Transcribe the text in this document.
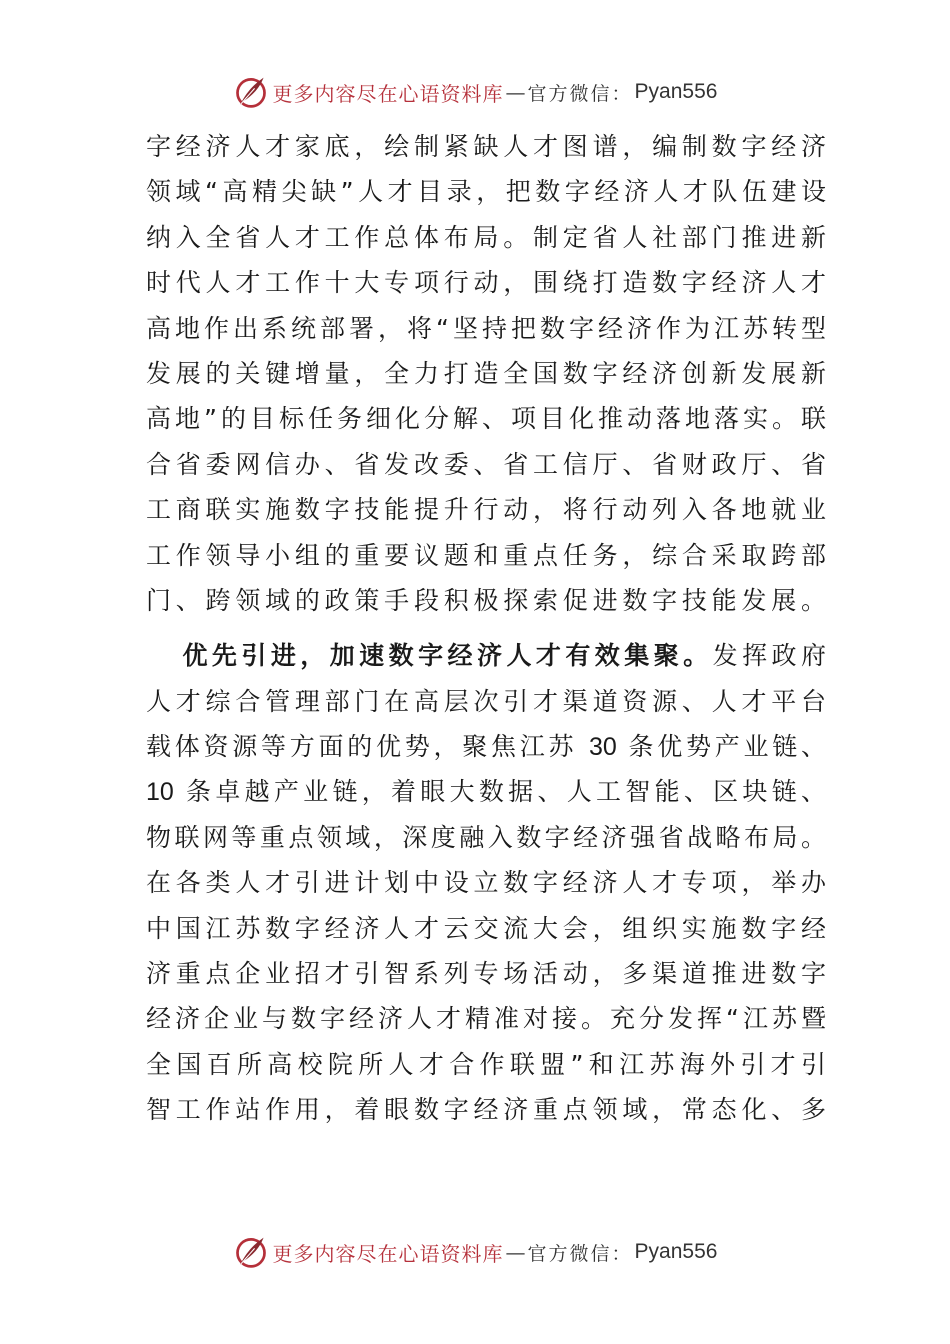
更多内容尽在心语资料库 — 官方微信： Pyan556
字经济人才家底，绘制紧缺人才图谱，编制数字经济
领域“高精尖缺”人才目录，把数字经济人才队伍建设
纳入全省人才工作总体布局。制定省人社部门推进新
时代人才工作十大专项行动，围绕打造数字经济人才
高地作出系统部署，将“坚持把数字经济作为江苏转型
发展的关键增量，全力打造全国数字经济创新发展新
高地”的目标任务细化分解、项目化推动落地落实。联
合省委网信办、省发改委、省工信厅、省财政厅、省
工商联实施数字技能提升行动，将行动列入各地就业
工作领导小组的重要议题和重点任务，综合采取跨部
门、跨领域的政策手段积极探索促进数字技能发展。
优先引进，加速数字经济人才有效集聚。发挥政府
人才综合管理部门在高层次引才渠道资源、人才平台
载体资源等方面的优势，聚焦江苏 30 条优势产业链、
10 条卓越产业链，着眼大数据、人工智能、区块链、
物联网等重点领域，深度融入数字经济强省战略布局。
在各类人才引进计划中设立数字经济人才专项，举办
中国江苏数字经济人才云交流大会，组织实施数字经
济重点企业招才引智系列专场活动，多渠道推进数字
经济企业与数字经济人才精准对接。充分发挥“江苏暨
全国百所高校院所人才合作联盟”和江苏海外引才引
智工作站作用，着眼数字经济重点领域，常态化、多
更多内容尽在心语资料库 — 官方微信： Pyan556
